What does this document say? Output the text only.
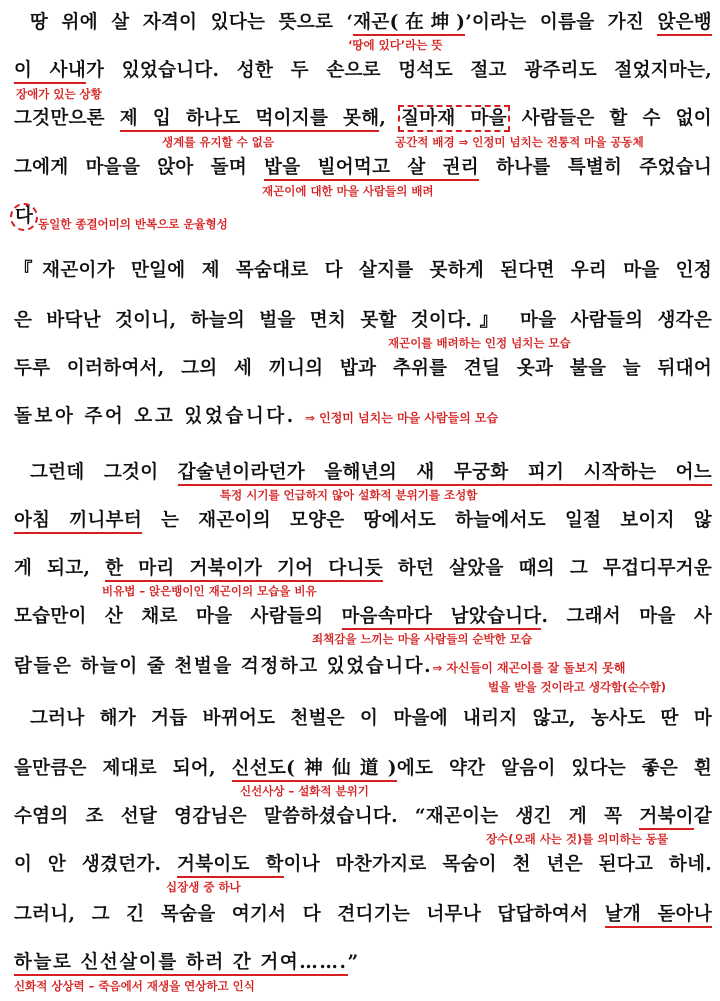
땅 위에 살 자격이 있다는 뜻으로 ‘재곤(在坤)’이라는 이름을 가진 앉은뱅
‘땅에 있다’라는 뜻
이 사내가 있었습니다. 성한 두 손으로 멍석도 절고 광주리도 절었지마는,
장애가 있는 상황
그것만으론 제 입 하나도 먹이지를 못해, 질마재 마을 사람들은 할 수 없이
생계를 유지할 수 없음	공간적 배경 ⇒ 인정미 넘치는 전통적 마을 공동체
그에게 마을을 앉아 돌며 밥을 빌어먹고 살 권리 하나를 특별히 주었습니
재곤이에 대한 마을 사람들의 배려
다 동일한 종결어미의 반복으로 운율형성
『재곤이가 만일에 제 목숨대로 다 살지를 못하게 된다면 우리 마을 인정
은 바닥난 것이니, 하늘의 벌을 면치 못할 것이다.』 마을 사람들의 생각은
재곤이를 배려하는 인정 넘치는 모습
두루 이러하여서, 그의 세 끼니의 밥과 추위를 견딜 옷과 불을 늘 뒤대어
돌보아 주어 오고 있었습니다. ⇒ 인정미 넘치는 마을 사람들의 모습
그런데 그것이 갑술년이라던가 을해년의 새 무궁화 피기 시작하는 어느
특정 시기를 언급하지 않아 설화적 분위기를 조성함
아침 끼니부터 는 재곤이의 모양은 땅에서도 하늘에서도 일절 보이지 않
게 되고, 한 마리 거북이가 기어 다니듯 하던 살았을 때의 그 무겁디무거운
비유법 – 앉은뱅이인 재곤이의 모습을 비유
모습만이 산 채로 마을 사람들의 마음속마다 남았습니다. 그래서 마을 사
죄책감을 느끼는 마을 사람들의 순박한 모습
람들은 하늘이 줄 천벌을 걱정하고 있었습니다.⇒ 자신들이 재곤이를 잘 돌보지 못해
벌을 받을 것이라고 생각함(순수함)
그러나 해가 거듭 바뀌어도 천벌은 이 마을에 내리지 않고, 농사도 딴 마
을만큼은 제대로 되어, 신선도(神仙道)에도 약간 알음이 있다는 좋은 흰
신선사상 – 설화적 분위기
수염의 조 선달 영감님은 말씀하셨습니다. “재곤이는 생긴 게 꼭 거북이같
장수(오래 사는 것)를 의미하는 동물
이 안 생겼던가. 거북이도 학이나 마찬가지로 목숨이 천 년은 된다고 하네.
십장생 중 하나
그러니, 그 긴 목숨을 여기서 다 견디기는 너무나 답답하여서 날개 돋아나
하늘로 신선살이를 하러 간 거여…….”
신화적 상상력 – 죽음에서 재생을 연상하고 인식
